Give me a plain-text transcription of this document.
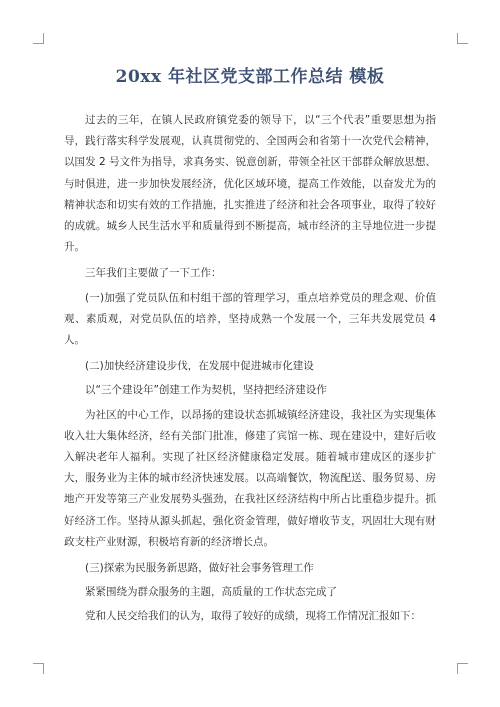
20xx 年社区党支部工作总结 模板

过去的三年，在镇人民政府镇党委的领导下，以“三个代表”重要思想为指导，践行落实科学发展观，认真贯彻党的、全国两会和省第十一次党代会精神，以国发 2 号文件为指导，求真务实、锐意创新，带领全社区干部群众解放思想、与时俱进，进一步加快发展经济，优化区域环境，提高工作效能，以奋发尤为的精神状态和切实有效的工作措施，扎实推进了经济和社会各项事业，取得了较好的成就。城乡人民生活水平和质量得到不断提高，城市经济的主导地位进一步提升。

三年我们主要做了一下工作：

(一)加强了党员队伍和村组干部的管理学习，重点培养党员的理念观、价值观、素质观，对党员队伍的培养，坚持成熟一个发展一个，三年共发展党员 4 人。

(二)加快经济建设步伐，在发展中促进城市化建设

以“三个建设年”创建工作为契机，坚持把经济建设作

为社区的中心工作，以昂扬的建设状态抓城镇经济建设，我社区为实现集体收入壮大集体经济，经有关部门批准，修建了宾馆一栋、现在建设中，建好后收入解决老年人福利。实现了社区经济健康稳定发展。随着城市建成区的逐步扩大，服务业为主体的城市经济快速发展。以高端餐饮，物流配送、服务贸易、房地产开发等第三产业发展势头强劲，在我社区经济结构中所占比重稳步提升。抓好经济工作。坚持从源头抓起，强化资金管理，做好增收节支，巩固壮大现有财政支柱产业财源，积极培育新的经济增长点。

(三)探索为民服务新思路，做好社会事务管理工作

紧紧围绕为群众服务的主题，高质量的工作状态完成了

党和人民交给我们的认为，取得了较好的成绩，现将工作情况汇报如下：
